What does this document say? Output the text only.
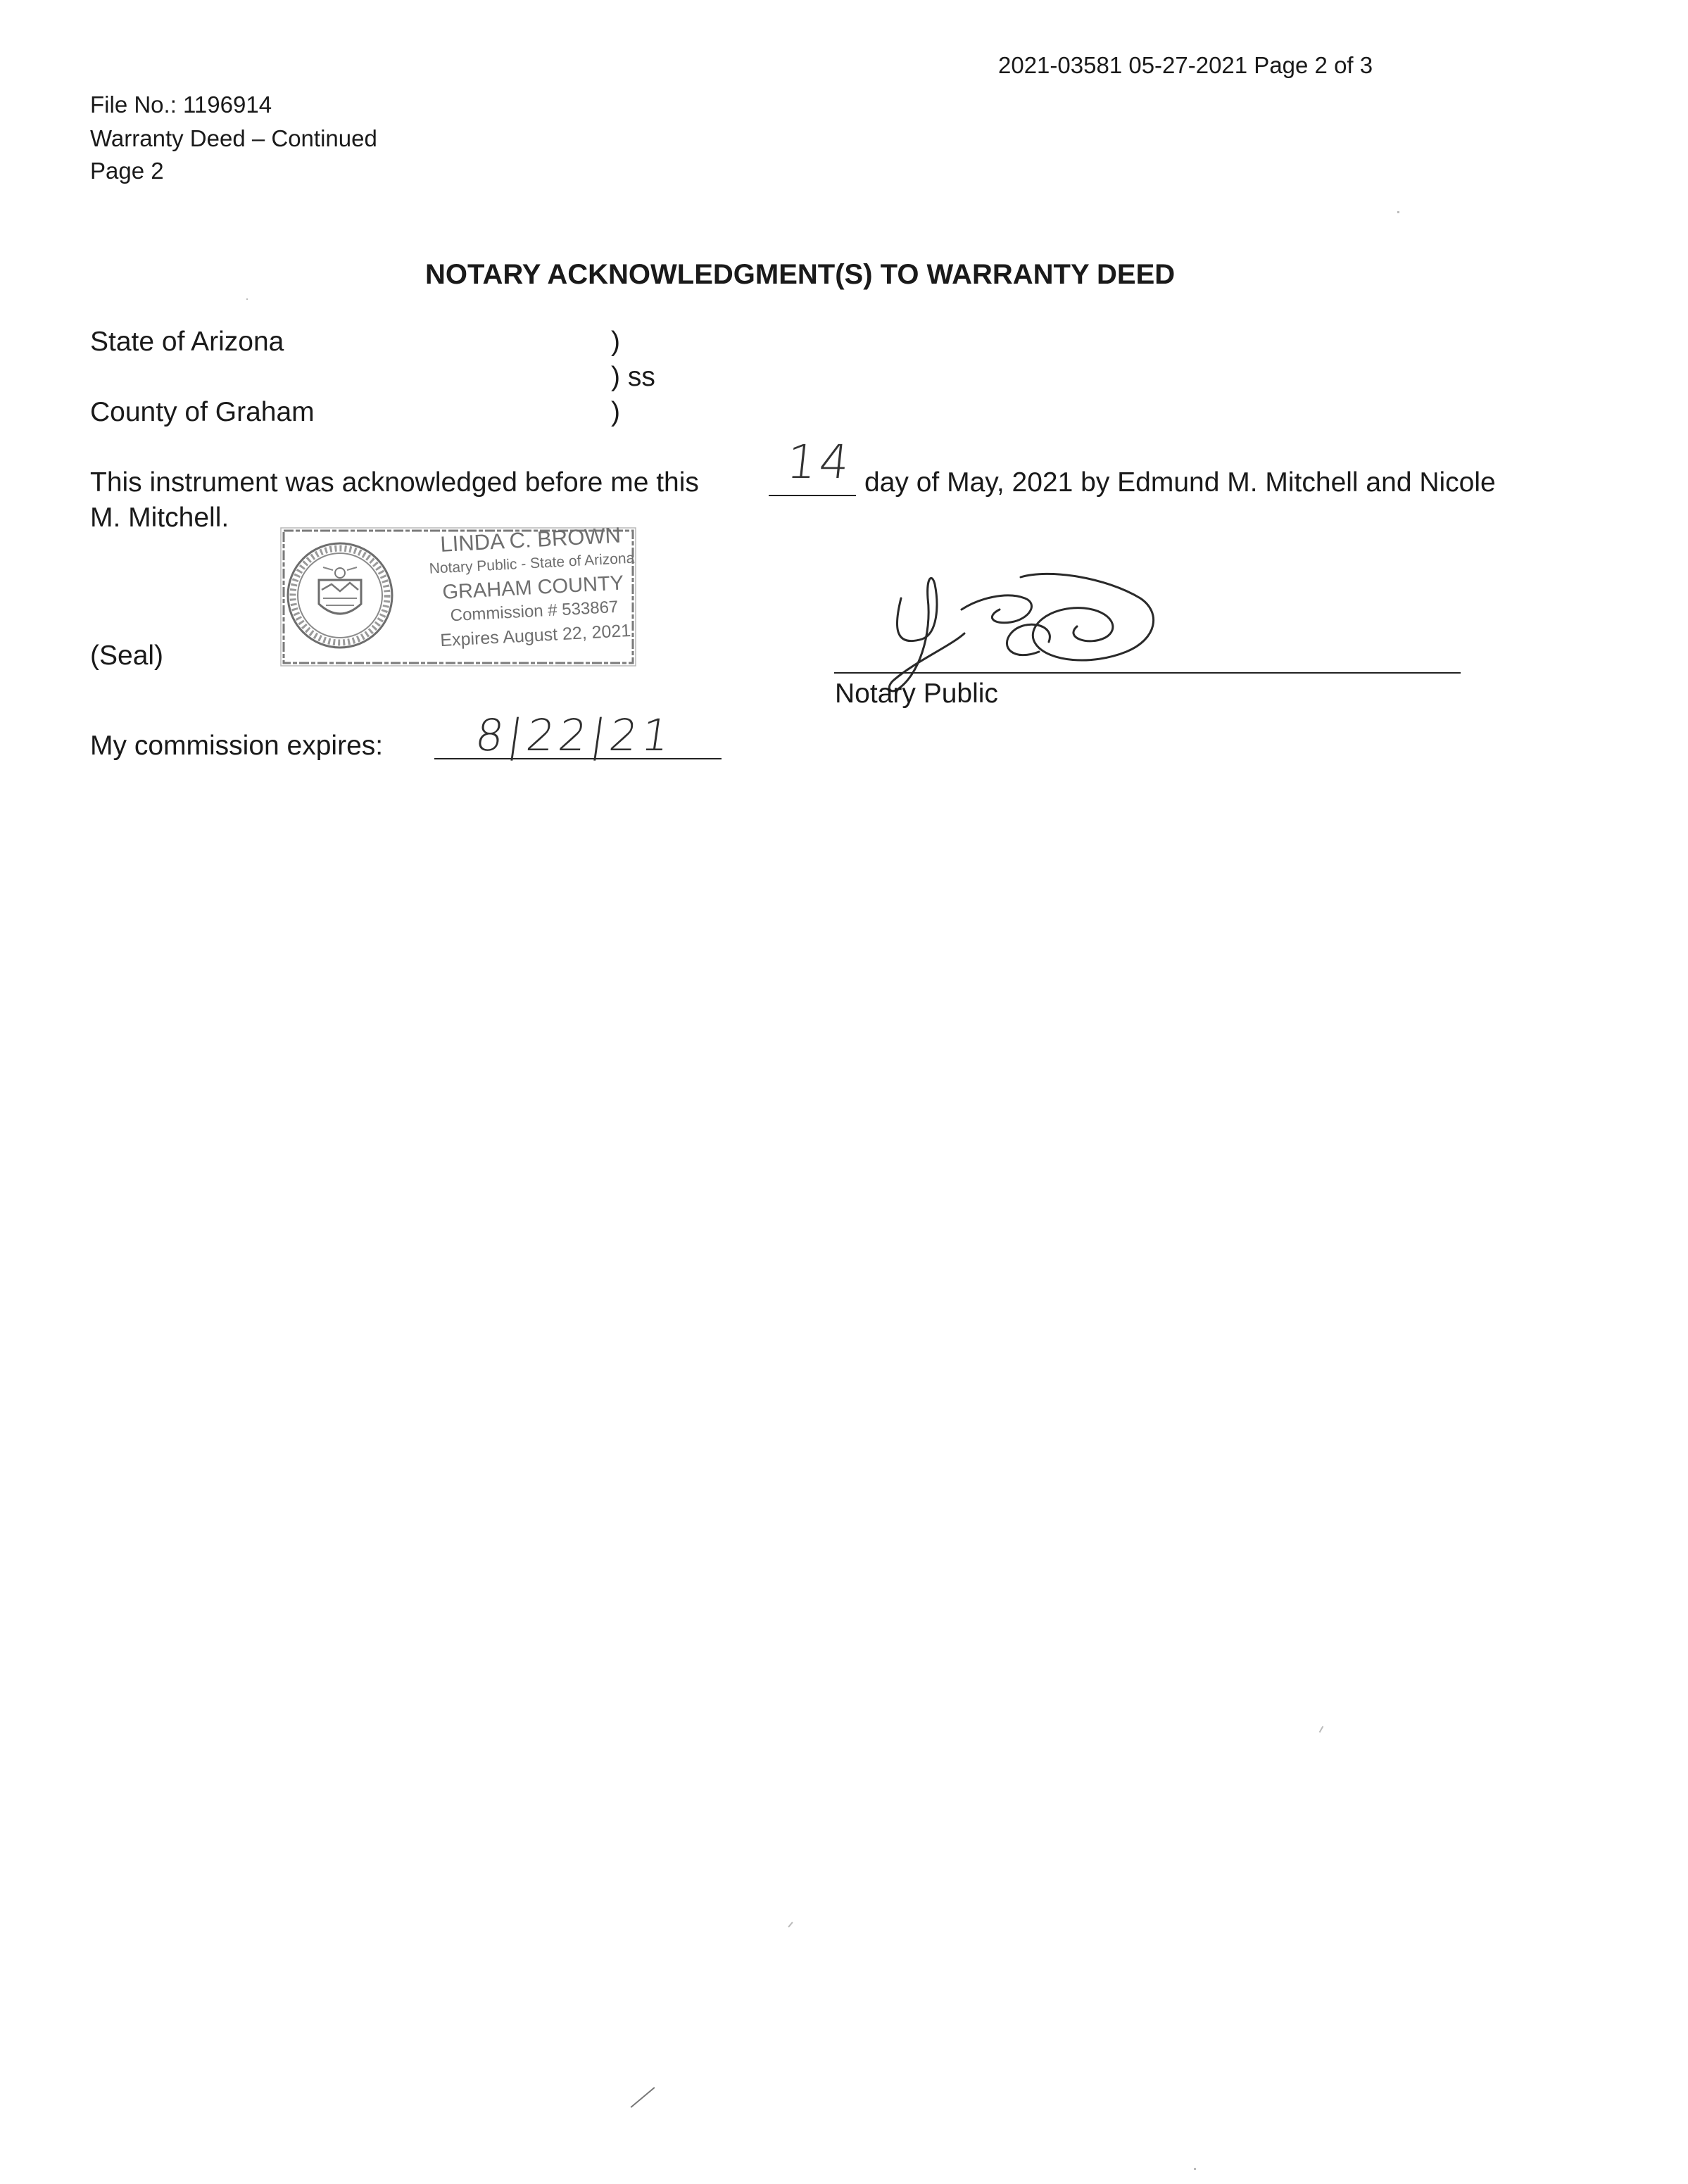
2021-03581 05-27-2021 Page 2 of 3
File No.: 1196914
Warranty Deed – Continued
Page 2
NOTARY ACKNOWLEDGMENT(S) TO WARRANTY DEED
State of Arizona	)
) ss
County of Graham	)
This instrument was acknowledged before me this 14 day of May, 2021 by Edmund M. Mitchell and Nicole
M. Mitchell.
LINDA C. BROWN
Notary Public - State of Arizona
GRAHAM COUNTY
Commission # 533867
Expires August 22, 2021
(Seal)
Notary Public
My commission expires: 8|22|21
